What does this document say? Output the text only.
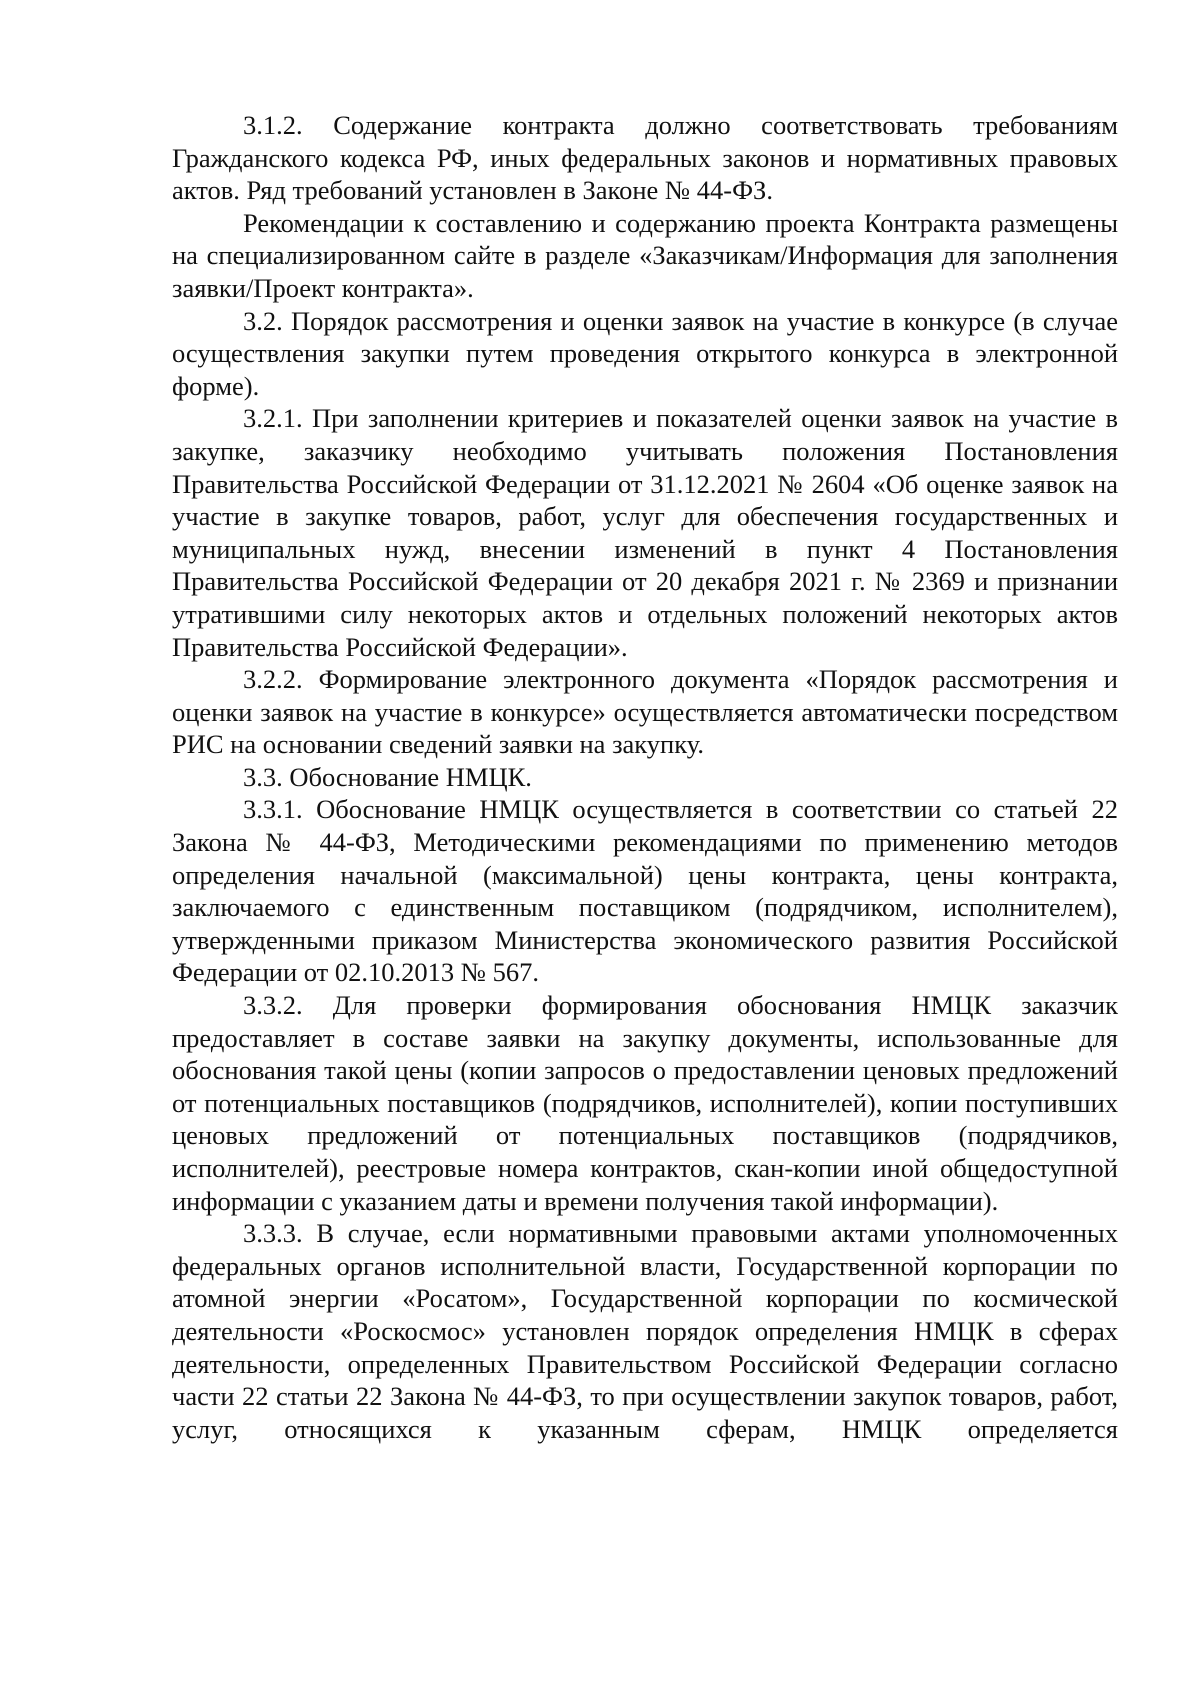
3.1.2. Содержание контракта должно соответствовать требованиям Гражданского кодекса РФ, иных федеральных законов и нормативных правовых актов. Ряд требований установлен в Законе № 44-ФЗ.

Рекомендации к составлению и содержанию проекта Контракта размещены на специализированном сайте в разделе «Заказчикам/Информация для заполнения заявки/Проект контракта».

3.2. Порядок рассмотрения и оценки заявок на участие в конкурсе (в случае осуществления закупки путем проведения открытого конкурса в электронной форме).

3.2.1. При заполнении критериев и показателей оценки заявок на участие в закупке, заказчику необходимо учитывать положения Постановления Правительства Российской Федерации от 31.12.2021 № 2604 «Об оценке заявок на участие в закупке товаров, работ, услуг для обеспечения государственных и муниципальных нужд, внесении изменений в пункт 4 Постановления Правительства Российской Федерации от 20 декабря 2021 г. № 2369 и признании утратившими силу некоторых актов и отдельных положений некоторых актов Правительства Российской Федерации».

3.2.2. Формирование электронного документа «Порядок рассмотрения и оценки заявок на участие в конкурсе» осуществляется автоматически посредством РИС на основании сведений заявки на закупку.

3.3. Обоснование НМЦК.

3.3.1. Обоснование НМЦК осуществляется в соответствии со статьей 22 Закона № 44-ФЗ, Методическими рекомендациями по применению методов определения начальной (максимальной) цены контракта, цены контракта, заключаемого с единственным поставщиком (подрядчиком, исполнителем), утвержденными приказом Министерства экономического развития Российской Федерации от 02.10.2013 № 567.

3.3.2. Для проверки формирования обоснования НМЦК заказчик предоставляет в составе заявки на закупку документы, использованные для обоснования такой цены (копии запросов о предоставлении ценовых предложений от потенциальных поставщиков (подрядчиков, исполнителей), копии поступивших ценовых предложений от потенциальных поставщиков (подрядчиков, исполнителей), реестровые номера контрактов, скан-копии иной общедоступной информации с указанием даты и времени получения такой информации).

3.3.3. В случае, если нормативными правовыми актами уполномоченных федеральных органов исполнительной власти, Государственной корпорации по атомной энергии «Росатом», Государственной корпорации по космической деятельности «Роскосмос» установлен порядок определения НМЦК в сферах деятельности, определенных Правительством Российской Федерации согласно части 22 статьи 22 Закона № 44-ФЗ, то при осуществлении закупок товаров, работ, услуг, относящихся к указанным сферам, НМЦК определяется
